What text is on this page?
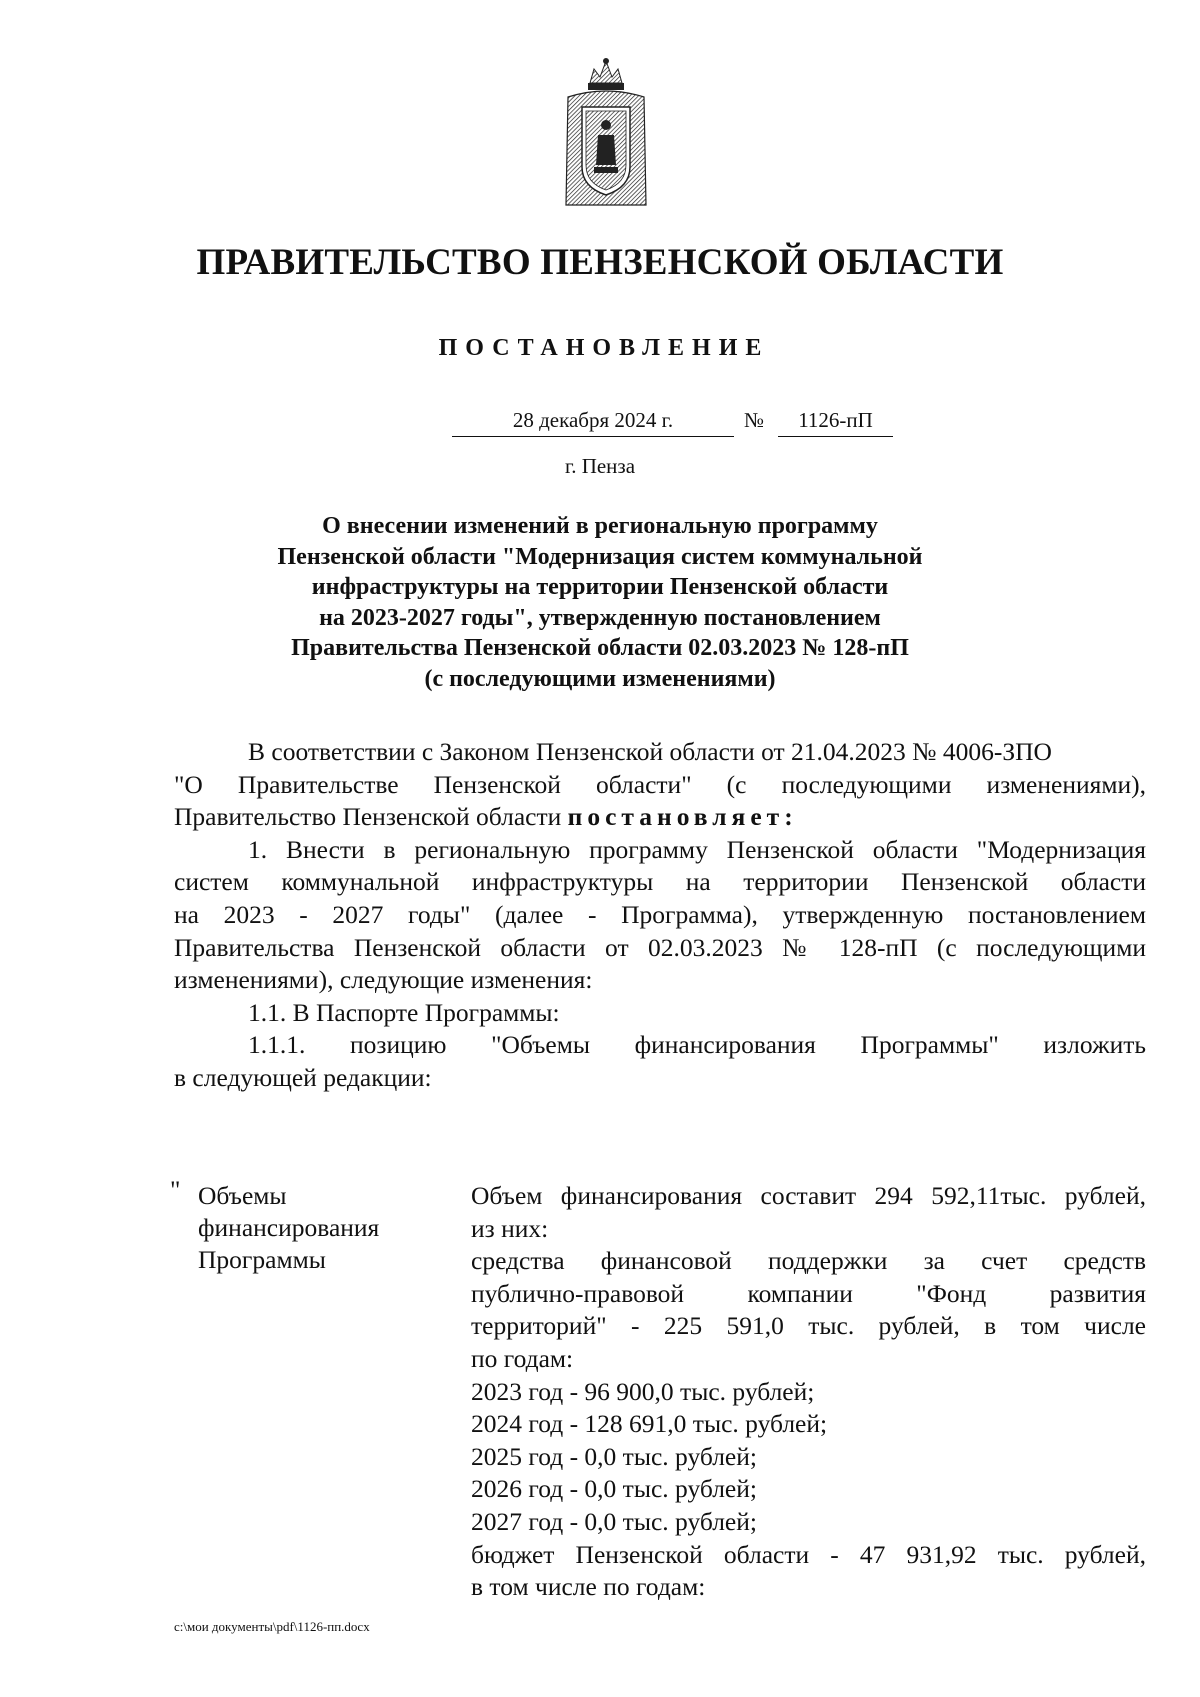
ПРАВИТЕЛЬСТВО ПЕНЗЕНСКОЙ ОБЛАСТИ
ПОСТАНОВЛЕНИЕ
28 декабря 2024 г.	№	1126-пП
г. Пенза
О внесении изменений в региональную программу
Пензенской области "Модернизация систем коммунальной
инфраструктуры на территории Пензенской области
на 2023-2027 годы", утвержденную постановлением
Правительства Пензенской области 02.03.2023 № 128-пП
(с последующими изменениями)
В соответствии с Законом Пензенской области от 21.04.2023 № 4006-ЗПО
"О Правительстве Пензенской области" (с последующими изменениями),
Правительство Пензенской области постановляет:
1. Внести в региональную программу Пензенской области "Модернизация
систем коммунальной инфраструктуры на территории Пензенской области
на 2023 - 2027 годы" (далее - Программа), утвержденную постановлением
Правительства Пензенской области от 02.03.2023 № 128-пП (с последующими
изменениями), следующие изменения:
1.1. В Паспорте Программы:
1.1.1. позицию "Объемы финансирования Программы" изложить
в следующей редакции:
" Объемы
финансирования
Программы
Объем финансирования составит 294 592,11тыс. рублей,
из них:
средства финансовой поддержки за счет средств
публично-правовой компании "Фонд развития
территорий" - 225 591,0 тыс. рублей, в том числе
по годам:
2023 год - 96 900,0 тыс. рублей;
2024 год - 128 691,0 тыс. рублей;
2025 год - 0,0 тыс. рублей;
2026 год - 0,0 тыс. рублей;
2027 год - 0,0 тыс. рублей;
бюджет Пензенской области - 47 931,92 тыс. рублей,
в том числе по годам:
c:\мои документы\pdf\1126-пп.docx
